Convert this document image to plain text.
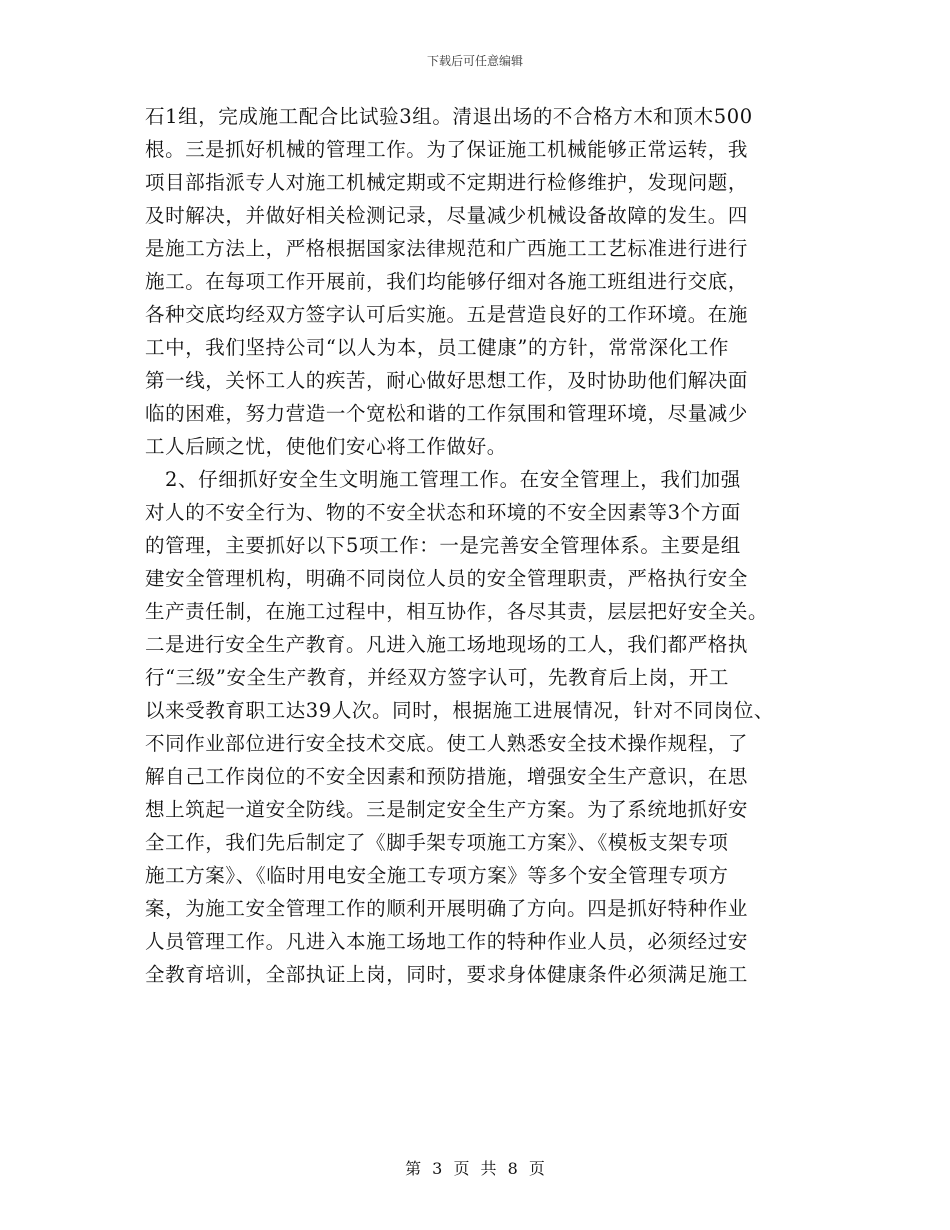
下载后可任意编辑
石1组，完成施工配合比试验3组。清退出场的不合格方木和顶木500
根。三是抓好机械的管理工作。为了保证施工机械能够正常运转，我
项目部指派专人对施工机械定期或不定期进行检修维护，发现问题，
及时解决，并做好相关检测记录，尽量减少机械设备故障的发生。四
是施工方法上，严格根据国家法律规范和广西施工工艺标准进行进行
施工。在每项工作开展前，我们均能够仔细对各施工班组进行交底，
各种交底均经双方签字认可后实施。五是营造良好的工作环境。在施
工中，我们坚持公司“以人为本，员工健康”的方针，常常深化工作
第一线，关怀工人的疾苦，耐心做好思想工作，及时协助他们解决面
临的困难，努力营造一个宽松和谐的工作氛围和管理环境，尽量减少
工人后顾之忧，使他们安心将工作做好。
2、仔细抓好安全生文明施工管理工作。在安全管理上，我们加强
对人的不安全行为、物的不安全状态和环境的不安全因素等3个方面
的管理，主要抓好以下5项工作：一是完善安全管理体系。主要是组
建安全管理机构，明确不同岗位人员的安全管理职责，严格执行安全
生产责任制，在施工过程中，相互协作，各尽其责，层层把好安全关。
二是进行安全生产教育。凡进入施工场地现场的工人，我们都严格执
行“三级”安全生产教育，并经双方签字认可，先教育后上岗，开工
以来受教育职工达39人次。同时，根据施工进展情况，针对不同岗位、
不同作业部位进行安全技术交底。使工人熟悉安全技术操作规程，了
解自己工作岗位的不安全因素和预防措施，增强安全生产意识，在思
想上筑起一道安全防线。三是制定安全生产方案。为了系统地抓好安
全工作，我们先后制定了《脚手架专项施工方案》、《模板支架专项
施工方案》、《临时用电安全施工专项方案》等多个安全管理专项方
案，为施工安全管理工作的顺利开展明确了方向。四是抓好特种作业
人员管理工作。凡进入本施工场地工作的特种作业人员，必须经过安
全教育培训，全部执证上岗，同时，要求身体健康条件必须满足施工
第 3 页 共 8 页
